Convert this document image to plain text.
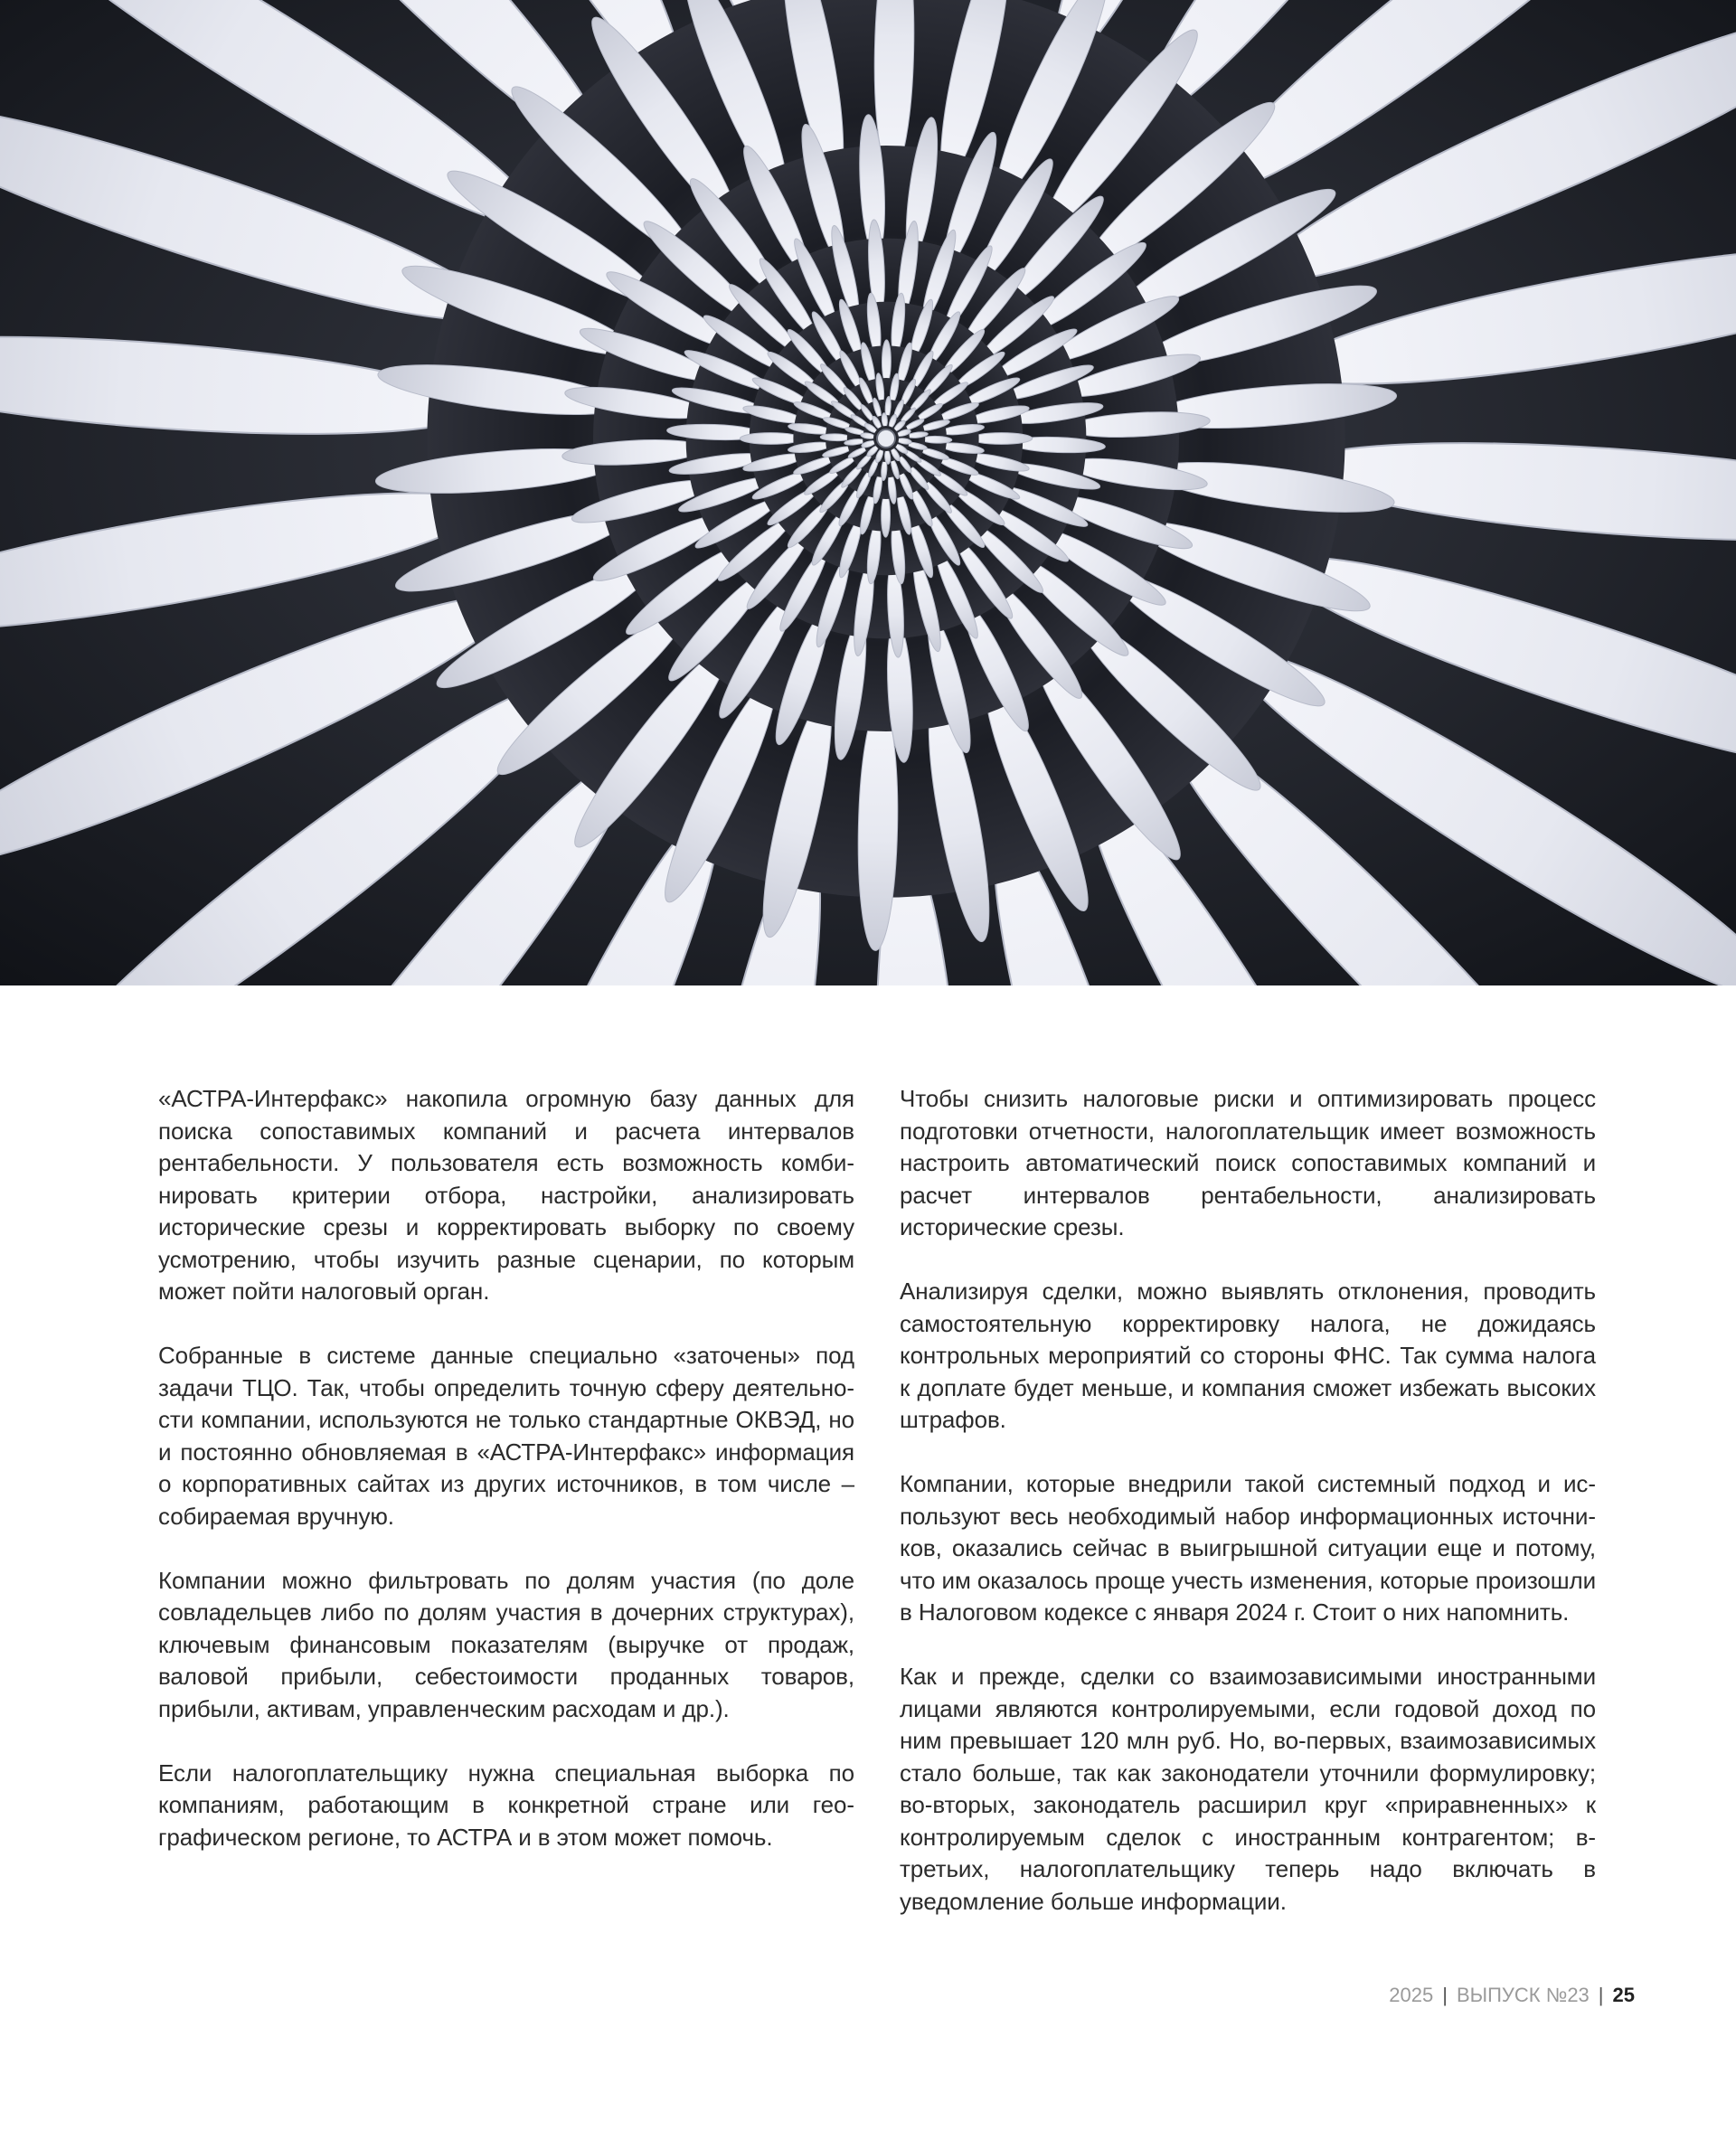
«АСТРА-Интерфакс» накопила огромную базу данных для поиска сопоставимых компаний и расчета интервалов рентабельности. У пользователя есть возможность комбинировать критерии отбора, настройки, анализировать исторические срезы и корректировать выборку по своему усмотрению, чтобы изучить разные сценарии, по которым может пойти налоговый орган.

Собранные в системе данные специально «заточены» под задачи ТЦО. Так, чтобы определить точную сферу деятельности компании, используются не только стандартные ОКВЭД, но и постоянно обновляемая в «АСТРА-Интерфакс» информация о корпоративных сайтах из других источников, в том числе – собираемая вручную.

Компании можно фильтровать по долям участия (по доле совладельцев либо по долям участия в дочерних структурах), ключевым финансовым показателям (выручке от продаж, валовой прибыли, себестоимости проданных товаров, прибыли, активам, управленческим расходам и др.).

Если налогоплательщику нужна специальная выборка по компаниям, работающим в конкретной стране или географическом регионе, то АСТРА и в этом может помочь.

Чтобы снизить налоговые риски и оптимизировать процесс подготовки отчетности, налогоплательщик имеет возможность настроить автоматический поиск сопоставимых компаний и расчет интервалов рентабельности, анализировать исторические срезы.

Анализируя сделки, можно выявлять отклонения, проводить самостоятельную корректировку налога, не дожидаясь контрольных мероприятий со стороны ФНС. Так сумма налога к доплате будет меньше, и компания сможет избежать высоких штрафов.

Компании, которые внедрили такой системный подход и используют весь необходимый набор информационных источников, оказались сейчас в выигрышной ситуации еще и потому, что им оказалось проще учесть изменения, которые произошли в Налоговом кодексе с января 2024 г. Стоит о них напомнить.

Как и прежде, сделки со взаимозависимыми иностранными лицами являются контролируемыми, если годовой доход по ним превышает 120 млн руб. Но, во-первых, взаимозависимых стало больше, так как законодатели уточнили формулировку; во-вторых, законодатель расширил круг «приравненных» к контролируемым сделок с иностранным контрагентом; в-третьих, налогоплательщику теперь надо включать в уведомление больше информации.

2025 | ВЫПУСК №23 | 25
